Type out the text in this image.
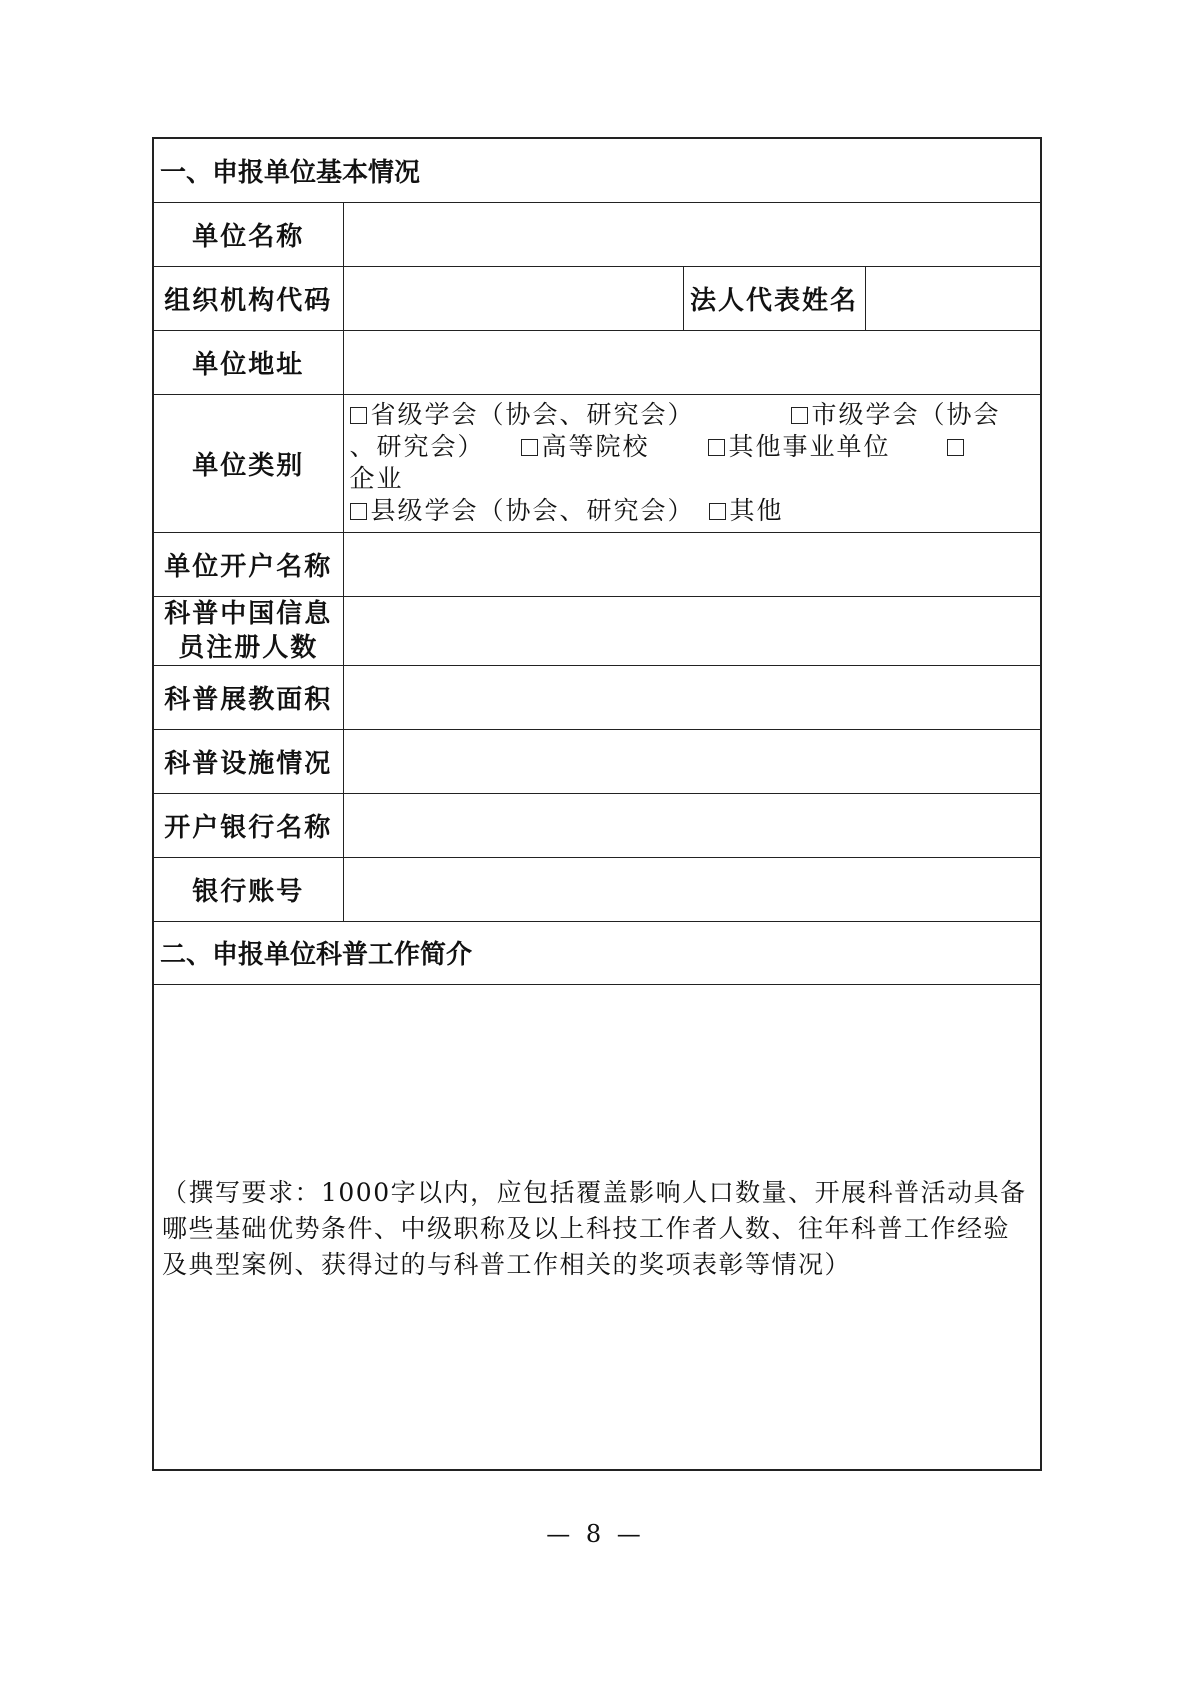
一、申报单位基本情况			
单位名称			
组织机构代码		法人代表姓名	
单位地址			
单位类别	省级学会（协会、研究会） 市级学会（协会
、研究会） 高等院校 其他事业单位
企业
县级学会（协会、研究会） 其他		

单位开户名称			

科普中国信息
员注册人数			

科普展教面积			
科普设施情况			
开户银行名称			
银行账号			
二、申报单位科普工作简介			

（撰写要求：1000字以内，应包括覆盖影响人口数量、开展科普活动具备哪些基础优势条件、中级职称及以上科技工作者人数、往年科普工作经验及典型案例、获得过的与科普工作相关的奖项表彰等情况）			
— 8 —
